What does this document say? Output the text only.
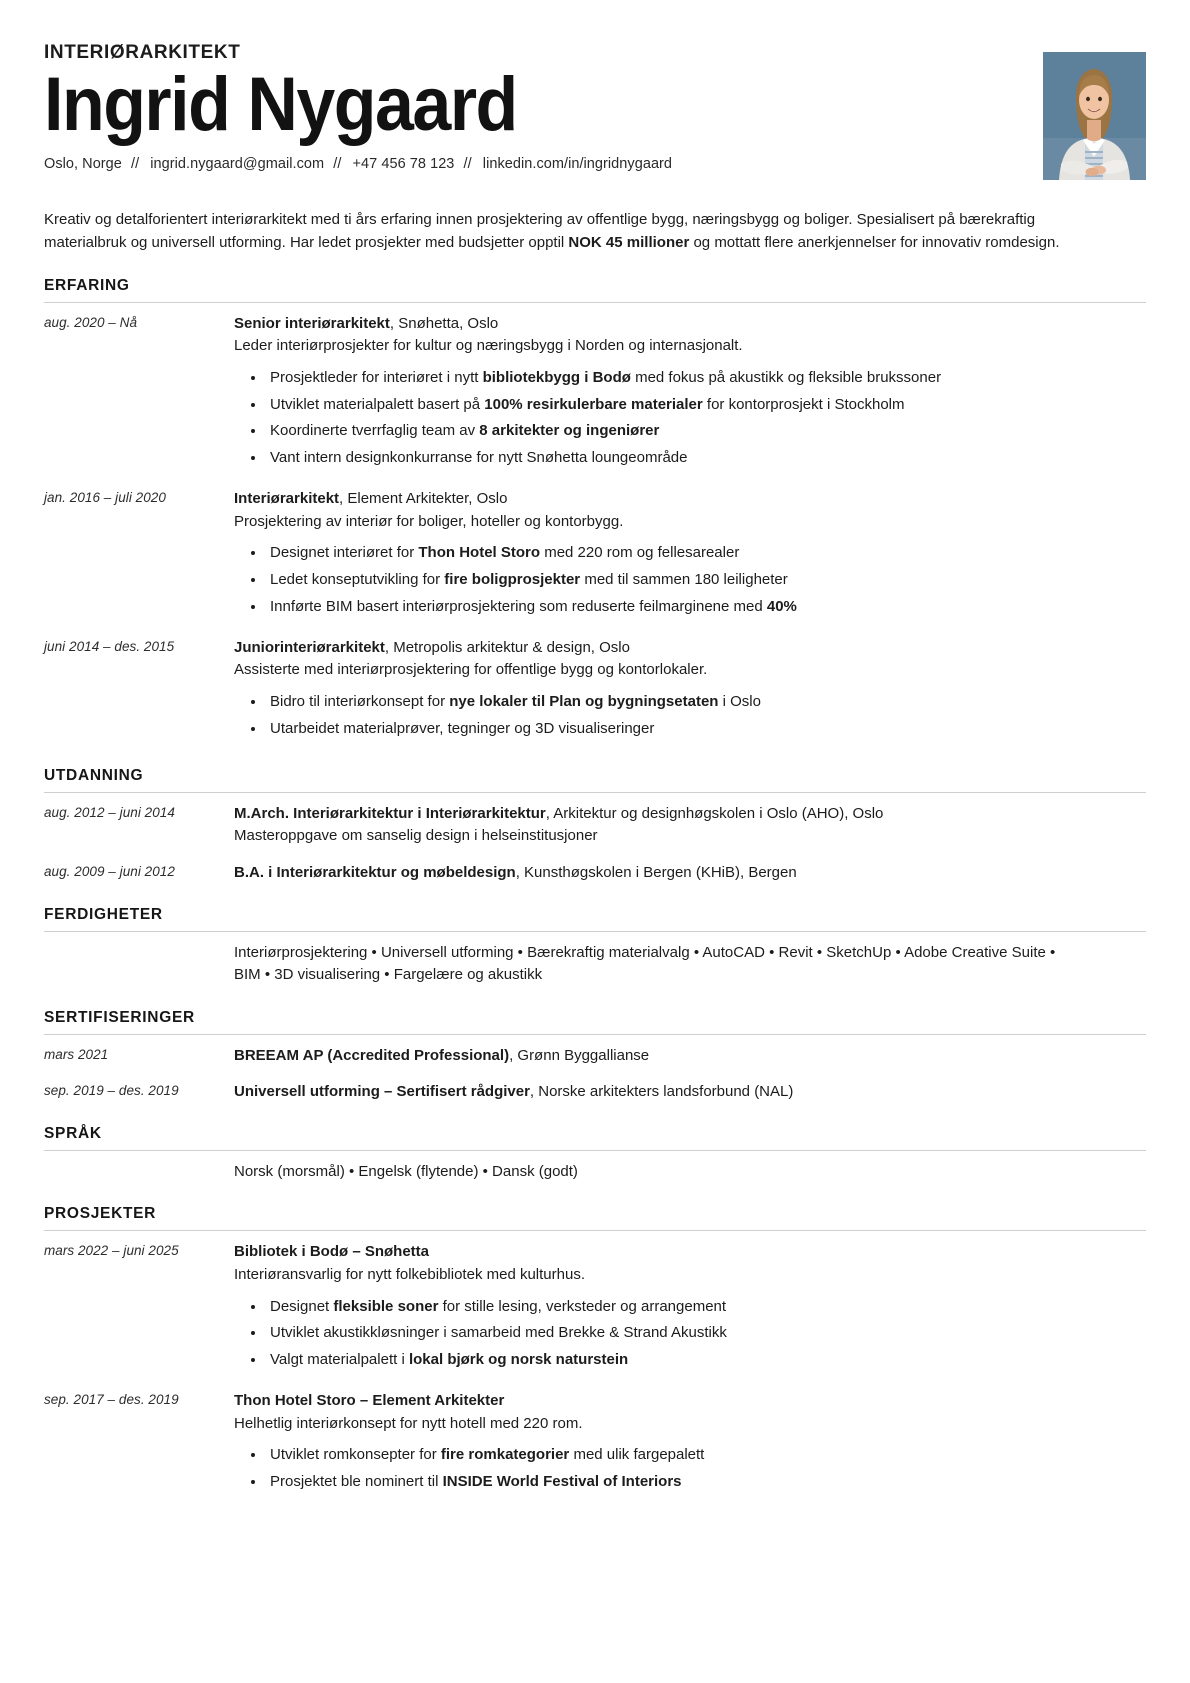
INTERIØRARKITEKT
Ingrid Nygaard
Oslo, Norge // ingrid.nygaard@gmail.com // +47 456 78 123 // linkedin.com/in/ingridnygaard

Kreativ og detalforientert interiørarkitekt med ti års erfaring innen prosjektering av offentlige bygg, næringsbygg og boliger. Spesialisert på bærekraftig materialbruk og universell utforming. Har ledet prosjekter med budsjetter opptil NOK 45 millioner og mottatt flere anerkjennelser for innovativ romdesign.

ERFARING
aug. 2020 – Nå	Senior interiørarkitekt, Snøhetta, Oslo
Leder interiørprosjekter for kultur og næringsbygg i Norden og internasjonalt.
• Prosjektleder for interiøret i nytt bibliotekbygg i Bodø med fokus på akustikk og fleksible brukssoner
• Utviklet materialpalett basert på 100% resirkulerbare materialer for kontorprosjekt i Stockholm
• Koordinerte tverrfaglig team av 8 arkitekter og ingeniører
• Vant intern designkonkurranse for nytt Snøhetta loungeområde
jan. 2016 – juli 2020	Interiørarkitekt, Element Arkitekter, Oslo
Prosjektering av interiør for boliger, hoteller og kontorbygg.
• Designet interiøret for Thon Hotel Storo med 220 rom og fellesarealer
• Ledet konseptutvikling for fire boligprosjekter med til sammen 180 leiligheter
• Innførte BIM basert interiørprosjektering som reduserte feilmarginene med 40%
juni 2014 – des. 2015	Juniorinteriørarkitekt, Metropolis arkitektur & design, Oslo
Assisterte med interiørprosjektering for offentlige bygg og kontorlokaler.
• Bidro til interiørkonsept for nye lokaler til Plan og bygningsetaten i Oslo
• Utarbeidet materialprøver, tegninger og 3D visualiseringer
UTDANNING
aug. 2012 – juni 2014	M.Arch. Interiørarkitektur i Interiørarkitektur, Arkitektur og designhøgskolen i Oslo (AHO), Oslo
Masteroppgave om sanselig design i helseinstitusjoner
aug. 2009 – juni 2012	B.A. i Interiørarkitektur og møbeldesign, Kunsthøgskolen i Bergen (KHiB), Bergen
FERDIGHETER
Interiørprosjektering • Universell utforming • Bærekraftig materialvalg • AutoCAD • Revit • SketchUp • Adobe Creative Suite • BIM • 3D visualisering • Fargelære og akustikk
SERTIFISERINGER
mars 2021	BREEAM AP (Accredited Professional), Grønn Byggallianse
sep. 2019 – des. 2019	Universell utforming – Sertifisert rådgiver, Norske arkitekters landsforbund (NAL)
SPRÅK
Norsk (morsmål) • Engelsk (flytende) • Dansk (godt)
PROSJEKTER
mars 2022 – juni 2025	Bibliotek i Bodø – Snøhetta
Interiøransvarlig for nytt folkebibliotek med kulturhus.
• Designet fleksible soner for stille lesing, verksteder og arrangement
• Utviklet akustikkløsninger i samarbeid med Brekke & Strand Akustikk
• Valgt materialpalett i lokal bjørk og norsk naturstein
sep. 2017 – des. 2019	Thon Hotel Storo – Element Arkitekter
Helhetlig interiørkonsept for nytt hotell med 220 rom.
• Utviklet romkonsepter for fire romkategorier med ulik fargepalett
• Prosjektet ble nominert til INSIDE World Festival of Interiors
